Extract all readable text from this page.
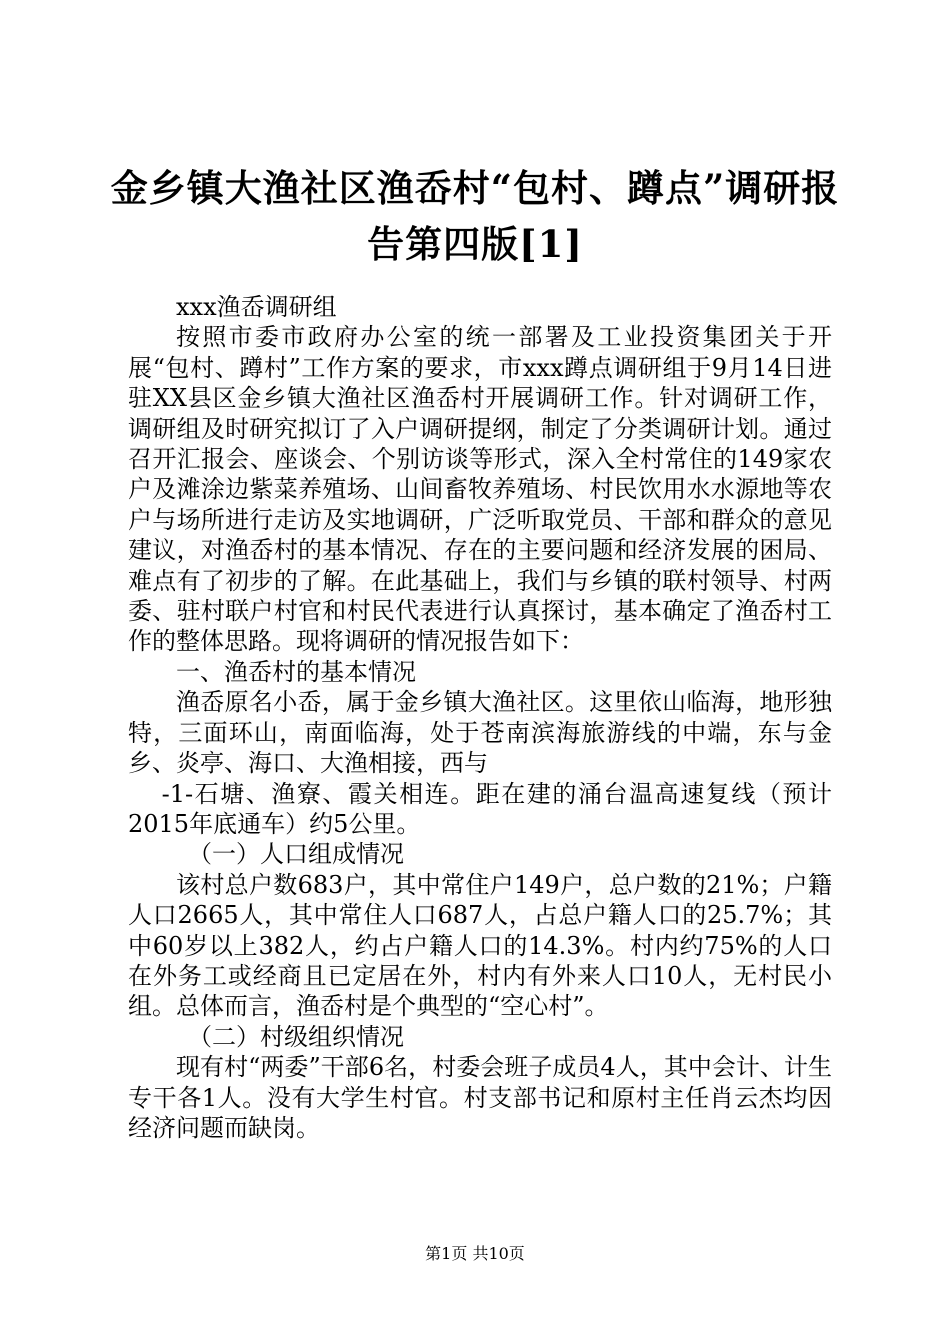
金乡镇大渔社区渔岙村“包村、蹲点”调研报告第四版[1]

xxx渔岙调研组

按照市委市政府办公室的统一部署及工业投资集团关于开展“包村、蹲村”工作方案的要求，市xxx蹲点调研组于9月14日进驻XX县区金乡镇大渔社区渔岙村开展调研工作。针对调研工作，调研组及时研究拟订了入户调研提纲，制定了分类调研计划。通过召开汇报会、座谈会、个别访谈等形式，深入全村常住的149家农户及滩涂边紫菜养殖场、山间畜牧养殖场、村民饮用水水源地等农户与场所进行走访及实地调研，广泛听取党员、干部和群众的意见建议，对渔岙村的基本情况、存在的主要问题和经济发展的困局、难点有了初步的了解。在此基础上，我们与乡镇的联村领导、村两委、驻村联户村官和村民代表进行认真探讨，基本确定了渔岙村工作的整体思路。现将调研的情况报告如下：

一、渔岙村的基本情况

渔岙原名小岙，属于金乡镇大渔社区。这里依山临海，地形独特，三面环山，南面临海，处于苍南滨海旅游线的中端，东与金乡、炎亭、海口、大渔相接，西与

-1-石塘、渔寮、霞关相连。距在建的涌台温高速复线（预计2015年底通车）约5公里。

（一）人口组成情况

该村总户数683户，其中常住户149户，总户数的21%；户籍人口2665人，其中常住人口687人，占总户籍人口的25.7%；其中60岁以上382人，约占户籍人口的14.3%。村内约75%的人口在外务工或经商且已定居在外，村内有外来人口10人，无村民小组。总体而言，渔岙村是个典型的“空心村”。

（二）村级组织情况

现有村“两委”干部6名，村委会班子成员4人，其中会计、计生专干各1人。没有大学生村官。村支部书记和原村主任肖云杰均因经济问题而缺岗。

第1页 共10页
